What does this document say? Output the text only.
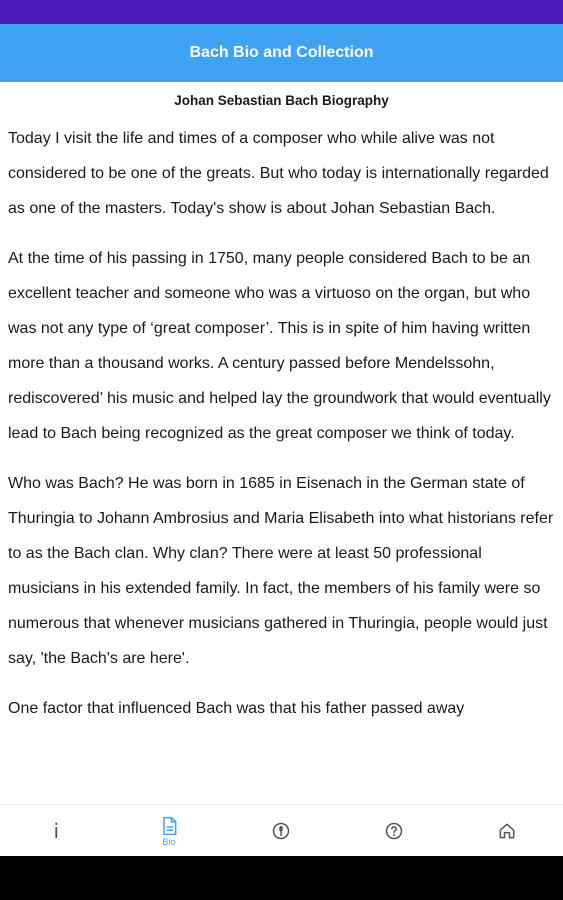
Bach Bio and Collection
Johan Sebastian Bach Biography

Today I visit the life and times of a composer who while alive was not considered to be one of the greats. But who today is internationally regarded as one of the masters. Today's show is about Johan Sebastian Bach.

At the time of his passing in 1750, many people considered Bach to be an excellent teacher and someone who was a virtuoso on the organ, but who was not any type of ‘great composer’. This is in spite of him having written more than a thousand works. A century passed before Mendelssohn, rediscovered’ his music and helped lay the groundwork that would eventually lead to Bach being recognized as the great composer we think of today.

Who was Bach? He was born in 1685 in Eisenach in the German state of Thuringia to Johann Ambrosius and Maria Elisabeth into what historians refer to as the Bach clan. Why clan? There were at least 50 professional musicians in his extended family. In fact, the members of his family were so numerous that whenever musicians gathered in Thuringia, people would just say, 'the Bach's are here'.

One factor that influenced Bach was that his father passed away

i	Bio
